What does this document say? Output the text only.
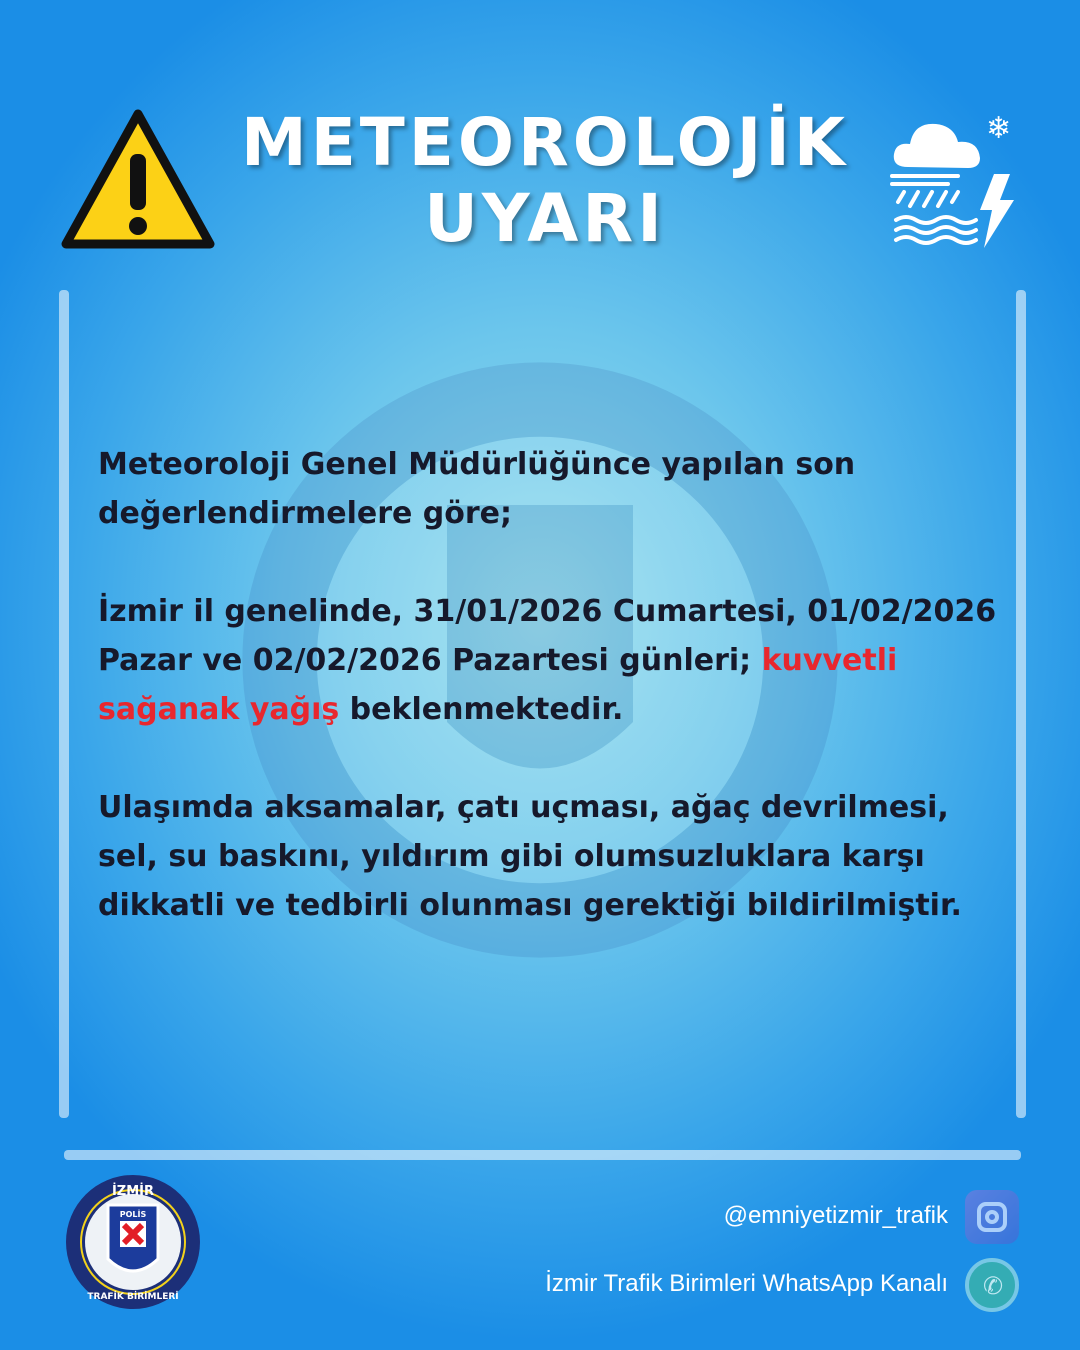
METEOROLOJİK
UYARI
❄

Meteoroloji Genel Müdürlüğünce yapılan son değerlendirmelere göre;

İzmir il genelinde, 31/01/2026 Cumartesi, 01/02/2026 Pazar ve 02/02/2026 Pazartesi günleri; kuvvetli sağanak yağış beklenmektedir.

Ulaşımda aksamalar, çatı uçması, ağaç devrilmesi, sel, su baskını, yıldırım gibi olumsuzluklara karşı dikkatli ve tedbirli olunması gerektiği bildirilmiştir.

İZMİR
POLİS
TRAFİK BİRİMLERİ
@emniyetizmir_trafik
İzmir Trafik Birimleri WhatsApp Kanalı ✆
